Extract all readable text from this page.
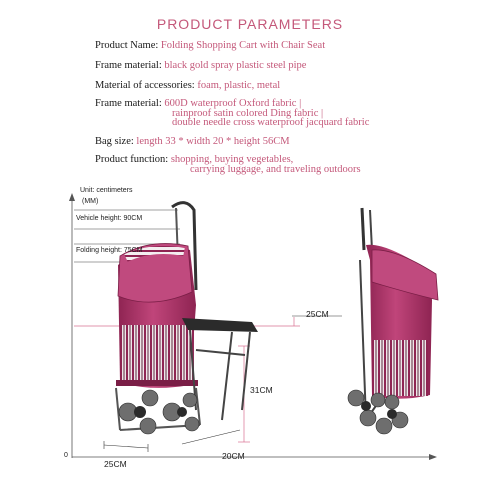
PRODUCT PARAMETERS
Product Name: Folding Shopping Cart with Chair Seat
Frame material: black gold spray plastic steel pipe
Material of accessories: foam, plastic, metal
Frame material: 600D waterproof Oxford fabric |
rainproof satin colored Ding fabric |
double needle cross waterproof jacquard fabric
Bag size: length 33 * width 20 * height 56CM
Product function: shopping, buying vegetables,
carrying luggage, and traveling outdoors
Unit: centimeters
(MM)
Vehicle height: 90CM
Folding height: 75CM
25CM
31CM
25CM
20CM
0
